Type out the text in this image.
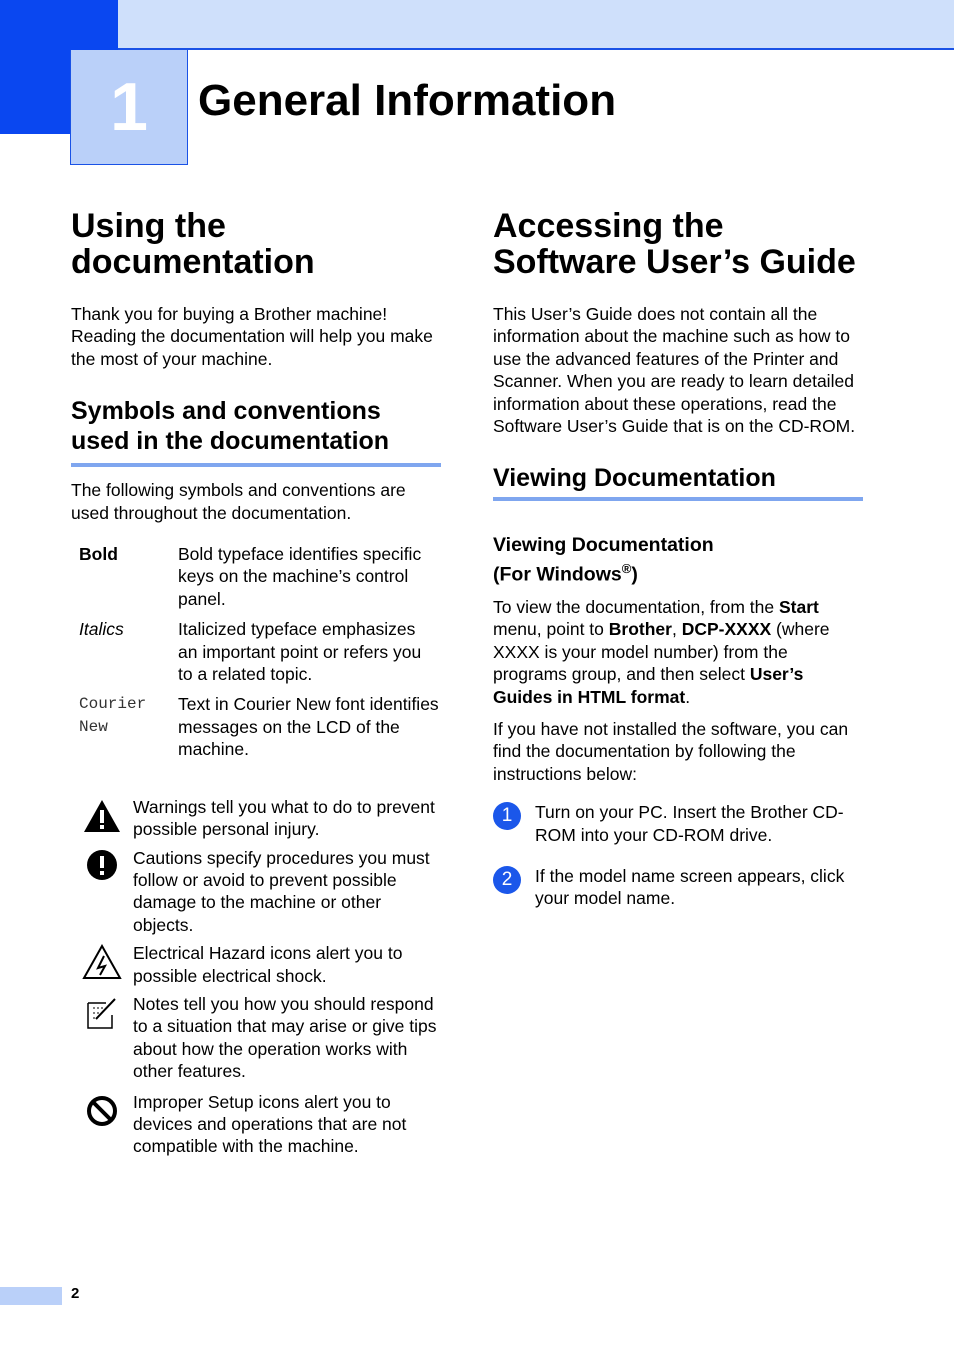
1 General Information
Using the documentation

Thank you for buying a Brother machine! Reading the documentation will help you make the most of your machine.

Symbols and conventions used in the documentation

The following symbols and conventions are used throughout the documentation.

Bold	Bold typeface identifies specific keys on the machine’s control panel.
Italics	Italicized typeface emphasizes an important point or refers you to a related topic.
Courier New	Text in Courier New font identifies messages on the LCD of the machine.
Warnings tell you what to do to prevent possible personal injury.
Cautions specify procedures you must follow or avoid to prevent possible damage to the machine or other objects.
Electrical Hazard icons alert you to possible electrical shock.
Notes tell you how you should respond to a situation that may arise or give tips about how the operation works with other features.
Improper Setup icons alert you to devices and operations that are not compatible with the machine.
Accessing the Software User’s Guide

This User’s Guide does not contain all the information about the machine such as how to use the advanced features of the Printer and Scanner. When you are ready to learn detailed information about these operations, read the Software User’s Guide that is on the CD-ROM.

Viewing Documentation
Viewing Documentation
(For Windows®)

To view the documentation, from the Start menu, point to Brother, DCP-XXXX (where XXXX is your model number) from the programs group, and then select User’s Guides in HTML format.

If you have not installed the software, you can find the documentation by following the instructions below:

1	Turn on your PC. Insert the Brother CD-ROM into your CD-ROM drive.
2	If the model name screen appears, click your model name.
2
